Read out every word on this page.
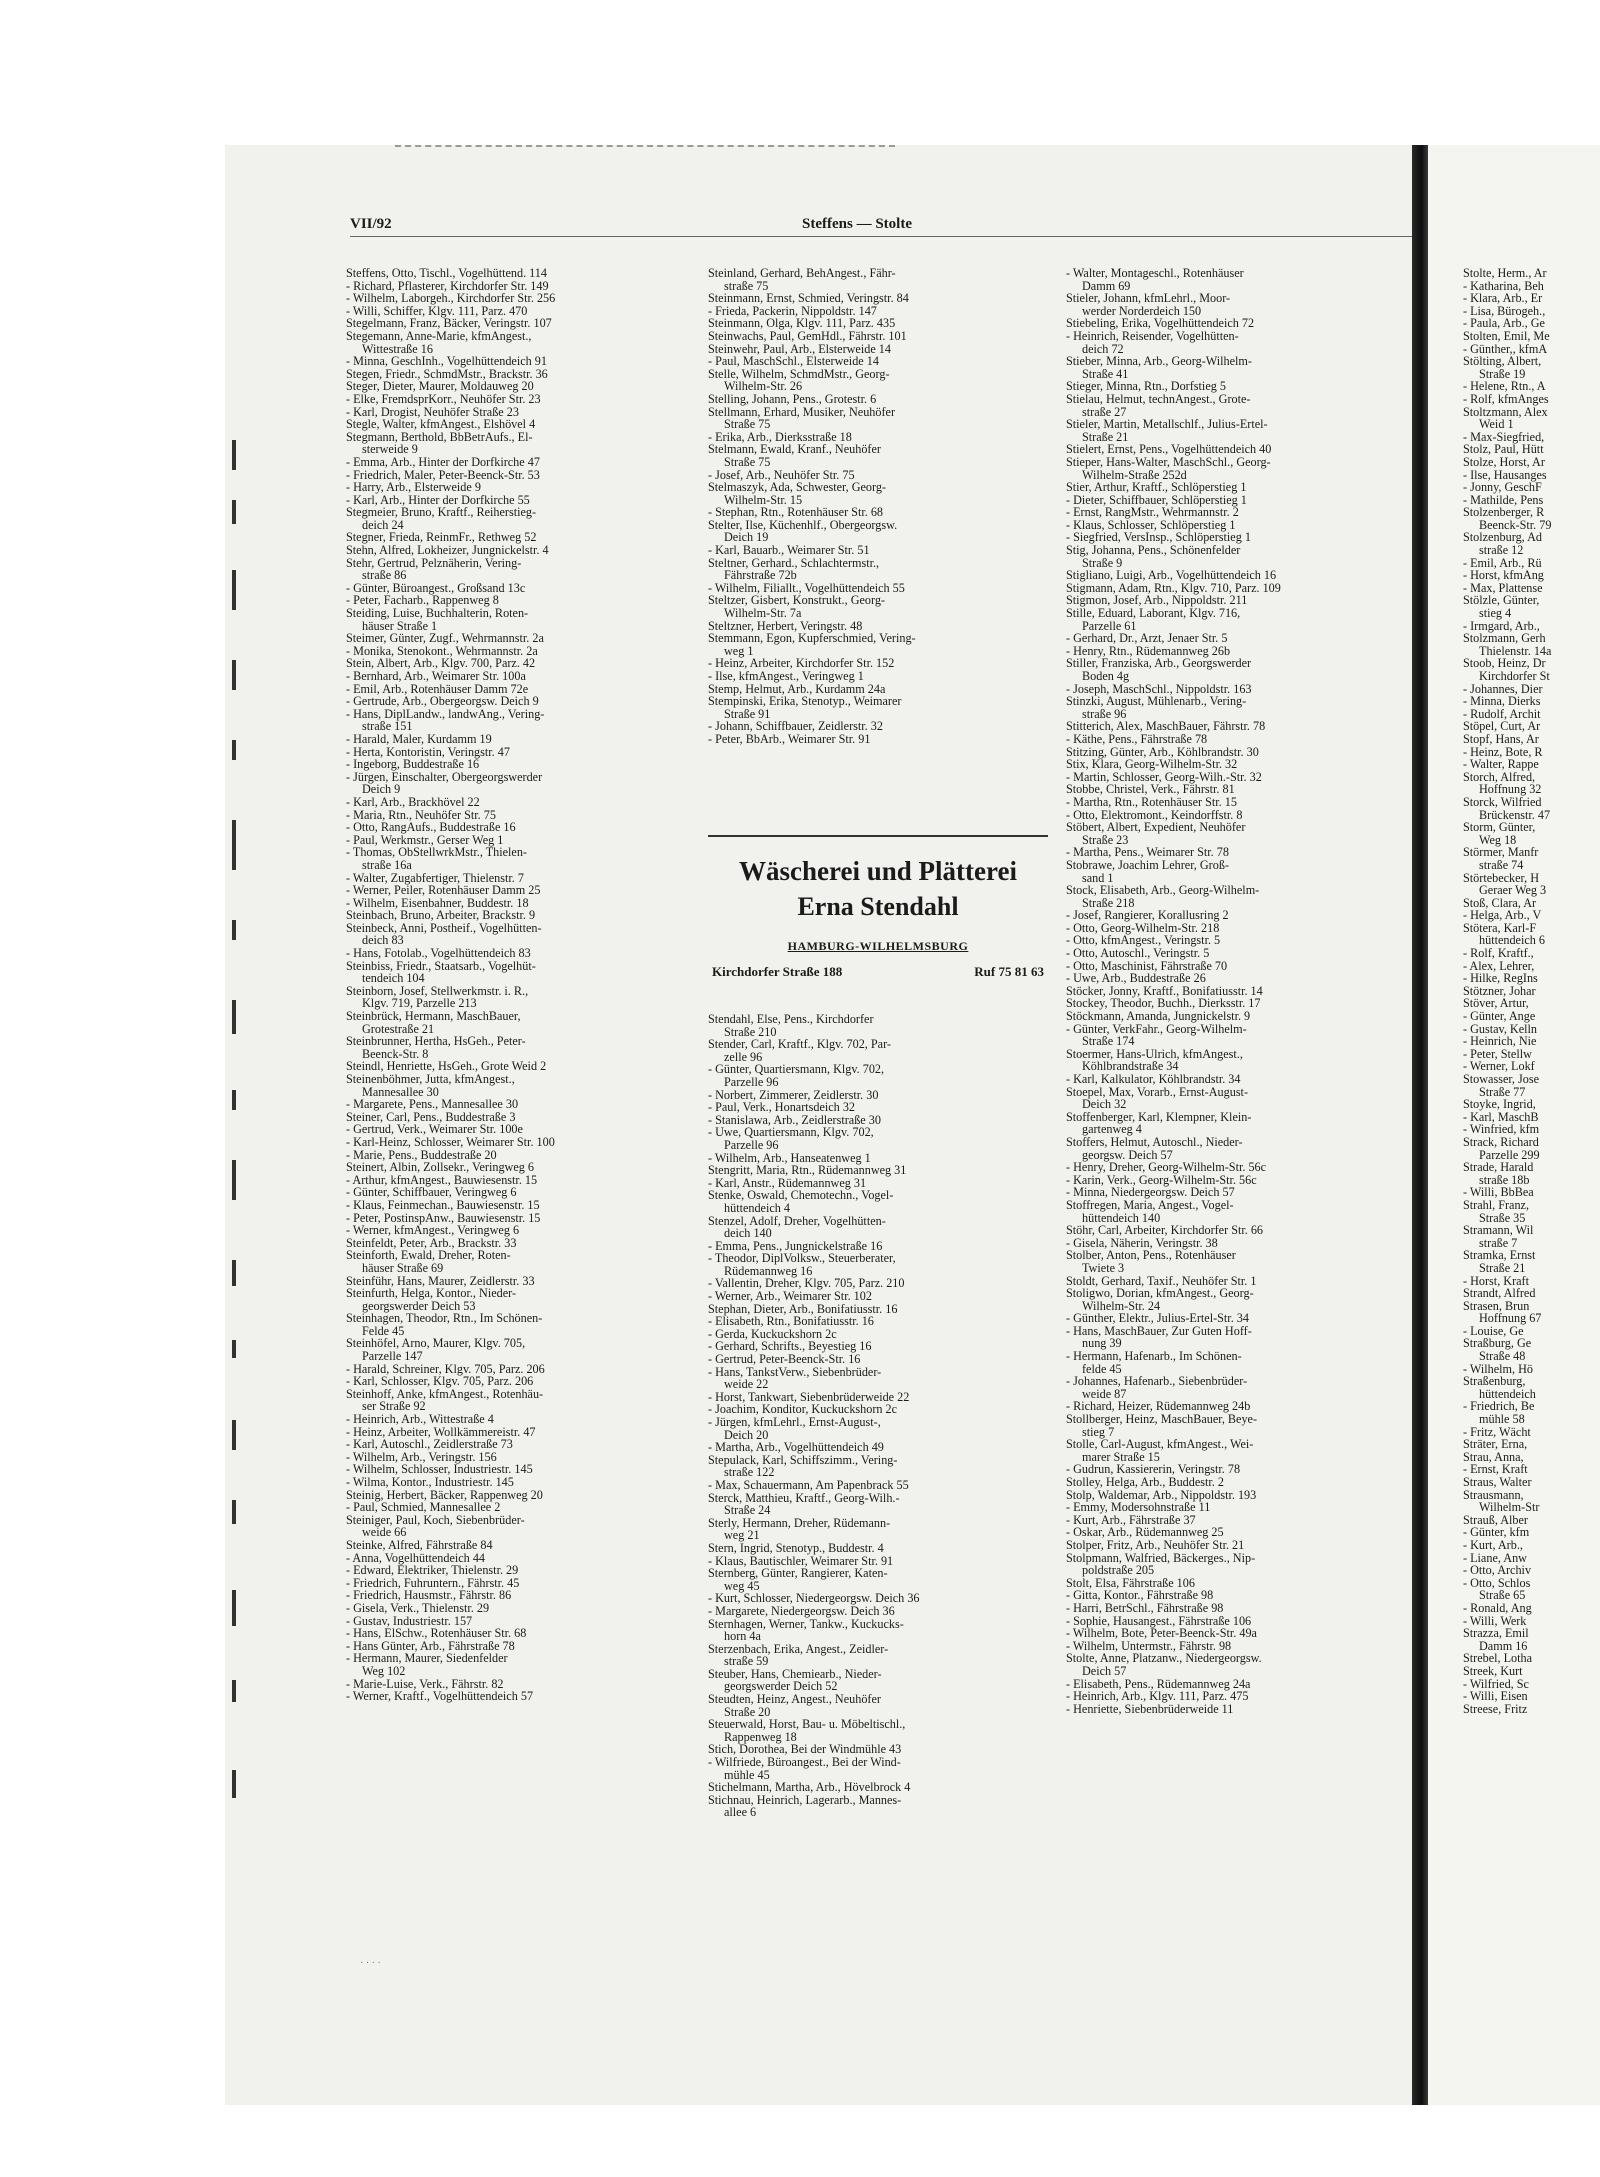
VII/92	Steffens — Stolte
Steffens, Otto, Tischl., Vogelhüttend. 114
- Richard, Pflasterer, Kirchdorfer Str. 149
- Wilhelm, Laborgeh., Kirchdorfer Str. 256
- Willi, Schiffer, Klgv. 111, Parz. 470
Stegelmann, Franz, Bäcker, Veringstr. 107
Stegemann, Anne-Marie, kfmAngest.,
Wittestraße 16
- Minna, GeschInh., Vogelhüttendeich 91
Stegen, Friedr., SchmdMstr., Brackstr. 36
Steger, Dieter, Maurer, Moldauweg 20
- Elke, FremdsprKorr., Neuhöfer Str. 23
- Karl, Drogist, Neuhöfer Straße 23
Stegle, Walter, kfmAngest., Elshövel 4
Stegmann, Berthold, BbBetrAufs., El-
sterweide 9
- Emma, Arb., Hinter der Dorfkirche 47
- Friedrich, Maler, Peter-Beenck-Str. 53
- Harry, Arb., Elsterweide 9
- Karl, Arb., Hinter der Dorfkirche 55
Stegmeier, Bruno, Kraftf., Reiherstieg-
deich 24
Stegner, Frieda, ReinmFr., Rethweg 52
Stehn, Alfred, Lokheizer, Jungnickelstr. 4
Stehr, Gertrud, Pelznäherin, Vering-
straße 86
- Günter, Büroangest., Großsand 13c
- Peter, Facharb., Rappenweg 8
Steiding, Luise, Buchhalterin, Roten-
häuser Straße 1
Steimer, Günter, Zugf., Wehrmannstr. 2a
- Monika, Stenokont., Wehrmannstr. 2a
Stein, Albert, Arb., Klgv. 700, Parz. 42
- Bernhard, Arb., Weimarer Str. 100a
- Emil, Arb., Rotenhäuser Damm 72e
- Gertrude, Arb., Obergeorgsw. Deich 9
- Hans, DiplLandw., landwAng., Vering-
straße 151
- Harald, Maler, Kurdamm 19
- Herta, Kontoristin, Veringstr. 47
- Ingeborg, Buddestraße 16
- Jürgen, Einschalter, Obergeorgswerder
Deich 9
- Karl, Arb., Brackhövel 22
- Maria, Rtn., Neuhöfer Str. 75
- Otto, RangAufs., Buddestraße 16
- Paul, Werkmstr., Gerser Weg 1
- Thomas, ObStellwrkMstr., Thielen-
straße 16a
- Walter, Zugabfertiger, Thielenstr. 7
- Werner, Peiler, Rotenhäuser Damm 25
- Wilhelm, Eisenbahner, Buddestr. 18
Steinbach, Bruno, Arbeiter, Brackstr. 9
Steinbeck, Anni, Postheif., Vogelhütten-
deich 83
- Hans, Fotolab., Vogelhüttendeich 83
Steinbiss, Friedr., Staatsarb., Vogelhüt-
tendeich 104
Steinborn, Josef, Stellwerkmstr. i. R.,
Klgv. 719, Parzelle 213
Steinbrück, Hermann, MaschBauer,
Grotestraße 21
Steinbrunner, Hertha, HsGeh., Peter-
Beenck-Str. 8
Steindl, Henriette, HsGeh., Grote Weid 2
Steinenböhmer, Jutta, kfmAngest.,
Mannesallee 30
- Margarete, Pens., Mannesallee 30
Steiner, Carl, Pens., Buddestraße 3
- Gertrud, Verk., Weimarer Str. 100e
- Karl-Heinz, Schlosser, Weimarer Str. 100
- Marie, Pens., Buddestraße 20
Steinert, Albin, Zollsekr., Veringweg 6
- Arthur, kfmAngest., Bauwiesenstr. 15
- Günter, Schiffbauer, Veringweg 6
- Klaus, Feinmechan., Bauwiesenstr. 15
- Peter, PostinspAnw., Bauwiesenstr. 15
- Werner, kfmAngest., Veringweg 6
Steinfeldt, Peter, Arb., Brackstr. 33
Steinforth, Ewald, Dreher, Roten-
häuser Straße 69
Steinführ, Hans, Maurer, Zeidlerstr. 33
Steinfurth, Helga, Kontor., Nieder-
georgswerder Deich 53
Steinhagen, Theodor, Rtn., Im Schönen-
Felde 45
Steinhöfel, Arno, Maurer, Klgv. 705,
Parzelle 147
- Harald, Schreiner, Klgv. 705, Parz. 206
- Karl, Schlosser, Klgv. 705, Parz. 206
Steinhoff, Anke, kfmAngest., Rotenhäu-
ser Straße 92
- Heinrich, Arb., Wittestraße 4
- Heinz, Arbeiter, Wollkämmereistr. 47
- Karl, Autoschl., Zeidlerstraße 73
- Wilhelm, Arb., Veringstr. 156
- Wilhelm, Schlosser, Industriestr. 145
- Wilma, Kontor., Industriestr. 145
Steinig, Herbert, Bäcker, Rappenweg 20
- Paul, Schmied, Mannesallee 2
Steiniger, Paul, Koch, Siebenbrüder-
weide 66
Steinke, Alfred, Fährstraße 84
- Anna, Vogelhüttendeich 44
- Edward, Elektriker, Thielenstr. 29
- Friedrich, Fuhruntern., Fährstr. 45
- Friedrich, Hausmstr., Fährstr. 86
- Gisela, Verk., Thielenstr. 29
- Gustav, Industriestr. 157
- Hans, ElSchw., Rotenhäuser Str. 68
- Hans Günter, Arb., Fährstraße 78
- Hermann, Maurer, Siedenfelder
Weg 102
- Marie-Luise, Verk., Fährstr. 82
- Werner, Kraftf., Vogelhüttendeich 57
Steinland, Gerhard, BehAngest., Fähr-
straße 75
Steinmann, Ernst, Schmied, Veringstr. 84
- Frieda, Packerin, Nippoldstr. 147
Steinmann, Olga, Klgv. 111, Parz. 435
Steinwachs, Paul, GemHdl., Fährstr. 101
Steinwehr, Paul, Arb., Elsterweide 14
- Paul, MaschSchl., Elsterweide 14
Stelle, Wilhelm, SchmdMstr., Georg-
Wilhelm-Str. 26
Stelling, Johann, Pens., Grotestr. 6
Stellmann, Erhard, Musiker, Neuhöfer
Straße 75
- Erika, Arb., Dierksstraße 18
Stelmann, Ewald, Kranf., Neuhöfer
Straße 75
- Josef, Arb., Neuhöfer Str. 75
Stelmaszyk, Ada, Schwester, Georg-
Wilhelm-Str. 15
- Stephan, Rtn., Rotenhäuser Str. 68
Stelter, Ilse, Küchenhlf., Obergeorgsw.
Deich 19
- Karl, Bauarb., Weimarer Str. 51
Steltner, Gerhard., Schlachtermstr.,
Fährstraße 72b
- Wilhelm, Filiallt., Vogelhüttendeich 55
Steltzer, Gisbert, Konstrukt., Georg-
Wilhelm-Str. 7a
Steltzner, Herbert, Veringstr. 48
Stemmann, Egon, Kupferschmied, Vering-
weg 1
- Heinz, Arbeiter, Kirchdorfer Str. 152
- Ilse, kfmAngest., Veringweg 1
Stemp, Helmut, Arb., Kurdamm 24a
Stempinski, Erika, Stenotyp., Weimarer
Straße 91
- Johann, Schiffbauer, Zeidlerstr. 32
- Peter, BbArb., Weimarer Str. 91
- Walter, Montageschl., Rotenhäuser
Damm 69
Stieler, Johann, kfmLehrl., Moor-
werder Norderdeich 150
Stiebeling, Erika, Vogelhüttendeich 72
- Heinrich, Reisender, Vogelhütten-
deich 72
Stieber, Minna, Arb., Georg-Wilhelm-
Straße 41
Stieger, Minna, Rtn., Dorfstieg 5
Stielau, Helmut, technAngest., Grote-
straße 27
Stieler, Martin, Metallschlf., Julius-Ertel-
Straße 21
Stielert, Ernst, Pens., Vogelhüttendeich 40
Stieper, Hans-Walter, MaschSchl., Georg-
Wilhelm-Straße 252d
Stier, Arthur, Kraftf., Schlöperstieg 1
- Dieter, Schiffbauer, Schlöperstieg 1
- Ernst, RangMstr., Wehrmannstr. 2
- Klaus, Schlosser, Schlöperstieg 1
- Siegfried, VersInsp., Schlöperstieg 1
Stig, Johanna, Pens., Schönenfelder
Straße 9
Stigliano, Luigi, Arb., Vogelhüttendeich 16
Stigmann, Adam, Rtn., Klgv. 710, Parz. 109
Stigmon, Josef, Arb., Nippoldstr. 211
Stille, Eduard, Laborant, Klgv. 716,
Parzelle 61
- Gerhard, Dr., Arzt, Jenaer Str. 5
- Henry, Rtn., Rüdemannweg 26b
Stiller, Franziska, Arb., Georgswerder
Boden 4g
- Joseph, MaschSchl., Nippoldstr. 163
Stinzki, August, Mühlenarb., Vering-
straße 96
Stitterich, Alex, MaschBauer, Fährstr. 78
- Käthe, Pens., Fährstraße 78
Stitzing, Günter, Arb., Köhlbrandstr. 30
Stix, Klara, Georg-Wilhelm-Str. 32
- Martin, Schlosser, Georg-Wilh.-Str. 32
Stobbe, Christel, Verk., Fährstr. 81
- Martha, Rtn., Rotenhäuser Str. 15
- Otto, Elektromont., Keindorffstr. 8
Stöbert, Albert, Expedient, Neuhöfer
Straße 23
- Martha, Pens., Weimarer Str. 78
Stobrawe, Joachim Lehrer, Groß-
sand 1
Stock, Elisabeth, Arb., Georg-Wilhelm-
Straße 218
- Josef, Rangierer, Korallusring 2
- Otto, Georg-Wilhelm-Str. 218
- Otto, kfmAngest., Veringstr. 5
- Otto, Autoschl., Veringstr. 5
- Otto, Maschinist, Fährstraße 70
- Uwe, Arb., Buddestraße 26
Stöcker, Jonny, Kraftf., Bonifatiusstr. 14
Stockey, Theodor, Buchh., Dierksstr. 17
Stöckmann, Amanda, Jungnickelstr. 9
- Günter, VerkFahr., Georg-Wilhelm-
Straße 174
Stoermer, Hans-Ulrich, kfmAngest.,
Köhlbrandstraße 34
- Karl, Kalkulator, Köhlbrandstr. 34
Stoepel, Max, Vorarb., Ernst-August-
Deich 32
Stoffenberger, Karl, Klempner, Klein-
gartenweg 4
Stoffers, Helmut, Autoschl., Nieder-
georgsw. Deich 57
- Henry, Dreher, Georg-Wilhelm-Str. 56c
- Karin, Verk., Georg-Wilhelm-Str. 56c
- Minna, Niedergeorgsw. Deich 57
Stoffregen, Maria, Angest., Vogel-
hüttendeich 140
Stöhr, Carl, Arbeiter, Kirchdorfer Str. 66
- Gisela, Näherin, Veringstr. 38
Stolber, Anton, Pens., Rotenhäuser
Twiete 3
Stoldt, Gerhard, Taxif., Neuhöfer Str. 1
Stoligwo, Dorian, kfmAngest., Georg-
Wilhelm-Str. 24
- Günther, Elektr., Julius-Ertel-Str. 34
- Hans, MaschBauer, Zur Guten Hoff-
nung 39
- Hermann, Hafenarb., Im Schönen-
felde 45
- Johannes, Hafenarb., Siebenbrüder-
weide 87
- Richard, Heizer, Rüdemannweg 24b
Stollberger, Heinz, MaschBauer, Beye-
stieg 7
Stolle, Carl-August, kfmAngest., Wei-
marer Straße 15
- Gudrun, Kassiererin, Veringstr. 78
Stolley, Helga, Arb., Buddestr. 2
Stolp, Waldemar, Arb., Nippoldstr. 193
- Emmy, Modersohnstraße 11
- Kurt, Arb., Fährstraße 37
- Oskar, Arb., Rüdemannweg 25
Stolper, Fritz, Arb., Neuhöfer Str. 21
Stolpmann, Walfried, Bäckerges., Nip-
poldstraße 205
Stolt, Elsa, Fährstraße 106
- Gitta, Kontor., Fährstraße 98
- Harri, BetrSchl., Fährstraße 98
- Sophie, Hausangest., Fährstraße 106
- Wilhelm, Bote, Peter-Beenck-Str. 49a
- Wilhelm, Untermstr., Fährstr. 98
Stolte, Anne, Platzanw., Niedergeorgsw.
Deich 57
- Elisabeth, Pens., Rüdemannweg 24a
- Heinrich, Arb., Klgv. 111, Parz. 475
- Henriette, Siebenbrüderweide 11
Stolte, Herm., Ar
- Katharina, Beh
- Klara, Arb., Er
- Lisa, Bürogeh.,
- Paula, Arb., Ge
Stolten, Emil, Me
- Günther,, kfmA
Stölting, Albert,
Straße 19
- Helene, Rtn., A
- Rolf, kfmAnges
Stoltzmann, Alex
Weid 1
- Max-Siegfried,
Stolz, Paul, Hütt
Stolze, Horst, Ar
- Ilse, Hausanges
- Jonny, GeschF
- Mathilde, Pens
Stolzenberger, R
Beenck-Str. 79
Stolzenburg, Ad
straße 12
- Emil, Arb., Rü
- Horst, kfmAng
- Max, Plattense
Stölzle, Günter,
stieg 4
- Irmgard, Arb.,
Stolzmann, Gerh
Thielenstr. 14a
Stoob, Heinz, Dr
Kirchdorfer St
- Johannes, Dier
- Minna, Dierks
- Rudolf, Archit
Stöpel, Curt, Ar
Stopf, Hans, Ar
- Heinz, Bote, R
- Walter, Rappe
Storch, Alfred,
Hoffnung 32
Storck, Wilfried
Brückenstr. 47
Storm, Günter,
Weg 18
Störmer, Manfr
straße 74
Störtebecker, H
Geraer Weg 3
Stoß, Clara, Ar
- Helga, Arb., V
Stötera, Karl-F
hüttendeich 6
- Rolf, Kraftf.,
- Alex, Lehrer,
- Hilke, RegIns
Stötzner, Johar
Stöver, Artur,
- Günter, Ange
- Gustav, Kelln
- Heinrich, Nie
- Peter, Stellw
- Werner, Lokf
Stowasser, Jose
Straße 77
Stoyke, Ingrid,
- Karl, MaschB
- Winfried, kfm
Strack, Richard
Parzelle 299
Strade, Harald
straße 18b
- Willi, BbBea
Strahl, Franz,
Straße 35
Stramann, Wil
straße 7
Stramka, Ernst
Straße 21
- Horst, Kraft
Strandt, Alfred
Strasen, Brun
Hoffnung 67
- Louise, Ge
Straßburg, Ge
Straße 48
- Wilhelm, Hö
Straßenburg,
hüttendeich
- Friedrich, Be
mühle 58
- Fritz, Wächt
Sträter, Erna,
Strau, Anna,
- Ernst, Kraft
Straus, Walter
Strausmann,
Wilhelm-Str
Strauß, Alber
- Günter, kfm
- Kurt, Arb.,
- Liane, Anw
- Otto, Archiv
- Otto, Schlos
Straße 65
- Ronald, Ang
- Willi, Werk
Strazza, Emil
Damm 16
Strebel, Lotha
Streek, Kurt
- Wilfried, Sc
- Willi, Eisen
Streese, Fritz
Wäscherei und Plätterei
Erna Stendahl
HAMBURG-WILHELMSBURG
Kirchdorfer Straße 188	Ruf 75 81 63
Stendahl, Else, Pens., Kirchdorfer
Straße 210
Stender, Carl, Kraftf., Klgv. 702, Par-
zelle 96
- Günter, Quartiersmann, Klgv. 702,
Parzelle 96
- Norbert, Zimmerer, Zeidlerstr. 30
- Paul, Verk., Honartsdeich 32
- Stanislawa, Arb., Zeidlerstraße 30
- Uwe, Quartiersmann, Klgv. 702,
Parzelle 96
- Wilhelm, Arb., Hanseatenweg 1
Stengritt, Maria, Rtn., Rüdemannweg 31
- Karl, Anstr., Rüdemannweg 31
Stenke, Oswald, Chemotechn., Vogel-
hüttendeich 4
Stenzel, Adolf, Dreher, Vogelhütten-
deich 140
- Emma, Pens., Jungnickelstraße 16
- Theodor, DiplVolksw., Steuerberater,
Rüdemannweg 16
- Vallentin, Dreher, Klgv. 705, Parz. 210
- Werner, Arb., Weimarer Str. 102
Stephan, Dieter, Arb., Bonifatiusstr. 16
- Elisabeth, Rtn., Bonifatiusstr. 16
- Gerda, Kuckuckshorn 2c
- Gerhard, Schrifts., Beyestieg 16
- Gertrud, Peter-Beenck-Str. 16
- Hans, TankstVerw., Siebenbrüder-
weide 22
- Horst, Tankwart, Siebenbrüderweide 22
- Joachim, Konditor, Kuckuckshorn 2c
- Jürgen, kfmLehrl., Ernst-August-,
Deich 20
- Martha, Arb., Vogelhüttendeich 49
Stepulack, Karl, Schiffszimm., Vering-
straße 122
- Max, Schauermann, Am Papenbrack 55
Sterck, Matthieu, Kraftf., Georg-Wilh.-
Straße 24
Sterly, Hermann, Dreher, Rüdemann-
weg 21
Stern, Ingrid, Stenotyp., Buddestr. 4
- Klaus, Bautischler, Weimarer Str. 91
Sternberg, Günter, Rangierer, Katen-
weg 45
- Kurt, Schlosser, Niedergeorgsw. Deich 36
- Margarete, Niedergeorgsw. Deich 36
Sternhagen, Werner, Tankw., Kuckucks-
horn 4a
Sterzenbach, Erika, Angest., Zeidler-
straße 59
Steuber, Hans, Chemiearb., Nieder-
georgswerder Deich 52
Steudten, Heinz, Angest., Neuhöfer
Straße 20
Steuerwald, Horst, Bau- u. Möbeltischl.,
Rappenweg 18
Stich, Dorothea, Bei der Windmühle 43
- Wilfriede, Büroangest., Bei der Wind-
mühle 45
Stichelmann, Martha, Arb., Hövelbrock 4
Stichnau, Heinrich, Lagerarb., Mannes-
allee 6
· · · ·
